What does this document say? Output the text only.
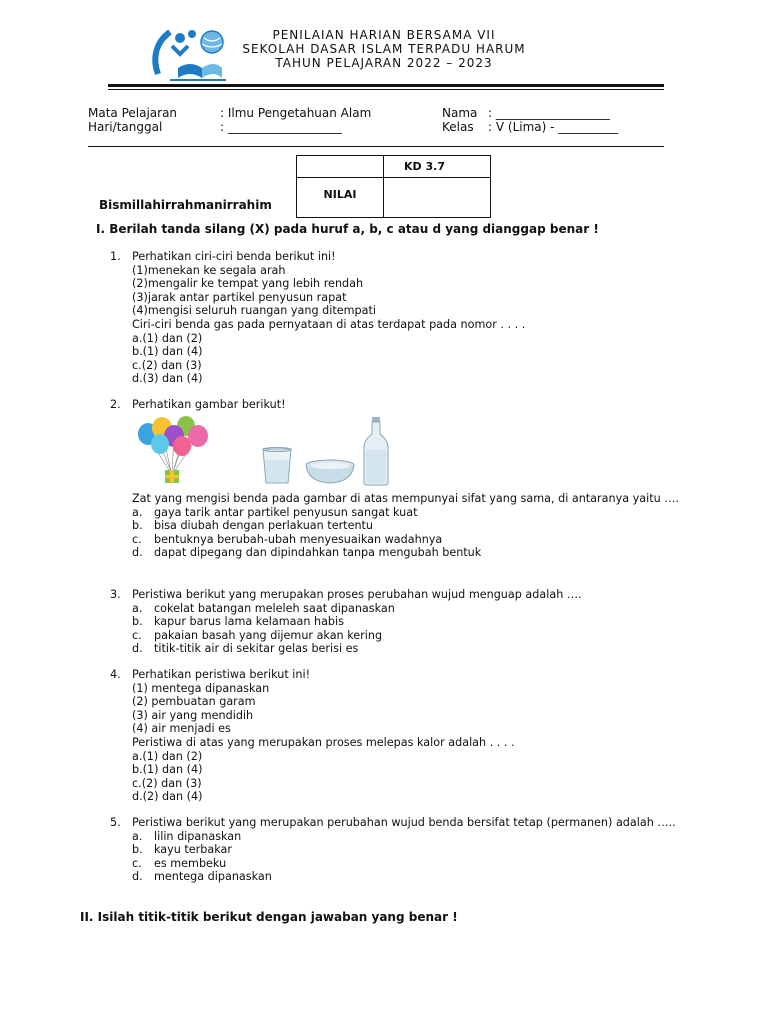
PENILAIAN HARIAN BERSAMA VII
SEKOLAH DASAR ISLAM TERPADU HARUM
TAHUN PELAJARAN 2022 – 2023
Mata Pelajaran	: Ilmu Pengetahuan Alam
Hari/tanggal	: ___________________
Nama : ___________________
Kelas : V (Lima) - __________
	KD 3.7
NILAI	
Bismillahirrahmanirrahim
I. Berilah tanda silang (X) pada huruf a, b, c atau d yang dianggap benar !
1.	Perhatikan ciri-ciri benda berikut ini!
(1)menekan ke segala arah
(2)mengalir ke tempat yang lebih rendah
(3)jarak antar partikel penyusun rapat
(4)mengisi seluruh ruangan yang ditempati
Ciri-ciri benda gas pada pernyataan di atas terdapat pada nomor . . . .
a.(1) dan (2)
b.(1) dan (4)
c.(2) dan (3)
d.(3) dan (4)
2.	Perhatikan gambar berikut!
Zat yang mengisi benda pada gambar di atas mempunyai sifat yang sama, di antaranya yaitu ….
a.	gaya tarik antar partikel penyusun sangat kuat
b.	bisa diubah dengan perlakuan tertentu
c.	bentuknya berubah-ubah menyesuaikan wadahnya
d.	dapat dipegang dan dipindahkan tanpa mengubah bentuk
3.	Peristiwa berikut yang merupakan proses perubahan wujud menguap adalah ….
a.	cokelat batangan meleleh saat dipanaskan
b.	kapur barus lama kelamaan habis
c.	pakaian basah yang dijemur akan kering
d.	titik-titik air di sekitar gelas berisi es
4.	Perhatikan peristiwa berikut ini!
(1) mentega dipanaskan
(2) pembuatan garam
(3) air yang mendidih
(4) air menjadi es
Peristiwa di atas yang merupakan proses melepas kalor adalah . . . .
a.(1) dan (2)
b.(1) dan (4)
c.(2) dan (3)
d.(2) dan (4)
5.	Peristiwa berikut yang merupakan perubahan wujud benda bersifat tetap (permanen) adalah …..
a.	lilin dipanaskan
b.	kayu terbakar
c.	es membeku
d.	mentega dipanaskan
II. Isilah titik-titik berikut dengan jawaban yang benar !
